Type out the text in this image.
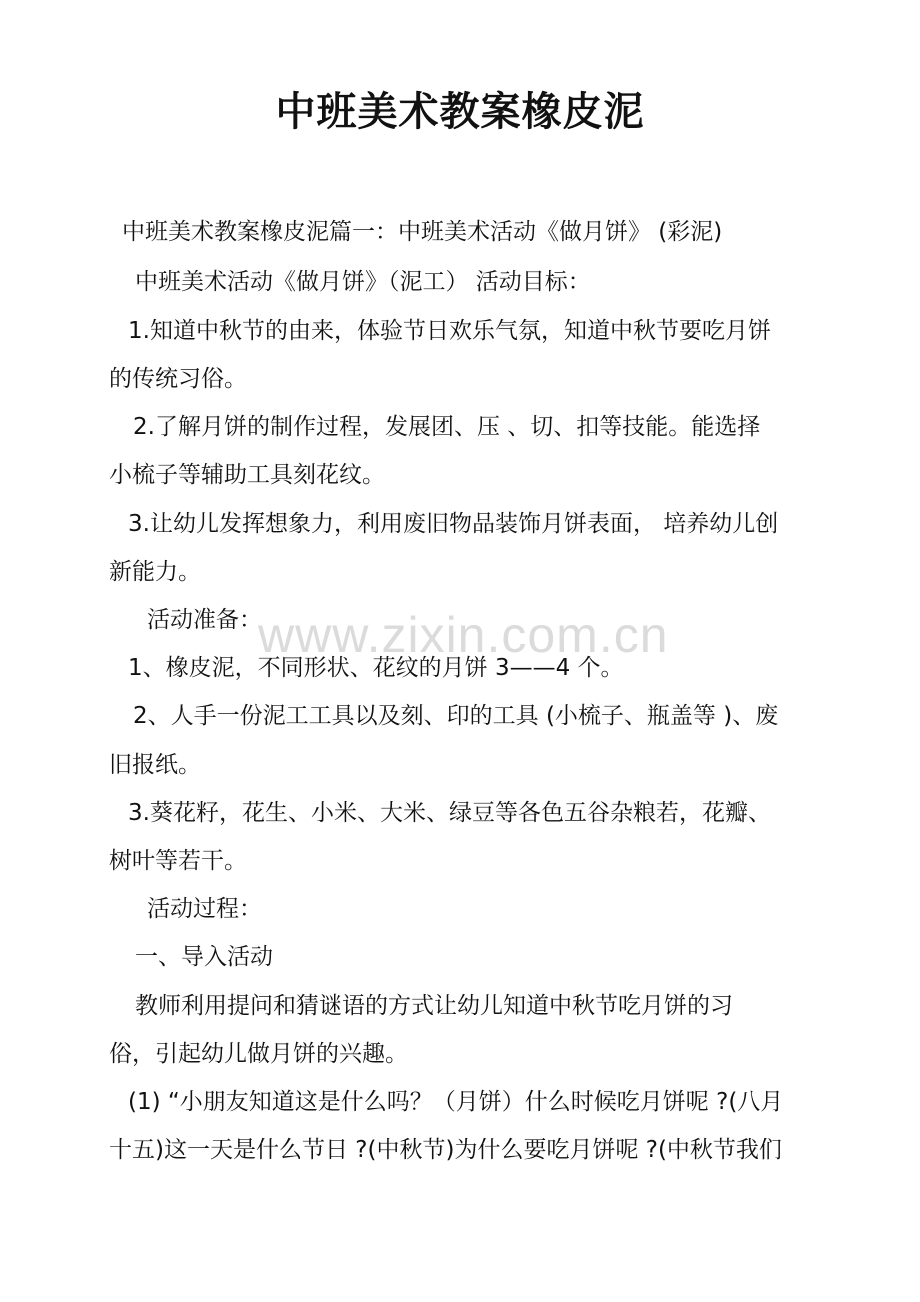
中班美术教案橡皮泥
中班美术教案橡皮泥篇一：中班美术活动《做月饼》 (彩泥)
中班美术活动《做月饼》（泥工） 活动目标：
1.知道中秋节的由来，体验节日欢乐气氛，知道中秋节要吃月饼
的传统习俗。
2.了解月饼的制作过程，发展团、压 、切、扣等技能。能选择
小梳子等辅助工具刻花纹。
3.让幼儿发挥想象力，利用废旧物品装饰月饼表面， 培养幼儿创
新能力。
活动准备：
1、橡皮泥，不同形状、花纹的月饼 3——4 个。
2、人手一份泥工工具以及刻、印的工具 (小梳子、瓶盖等 )、废
旧报纸。
3.葵花籽，花生、小米、大米、绿豆等各色五谷杂粮若，花瓣、
树叶等若干。
活动过程：
一、导入活动
教师利用提问和猜谜语的方式让幼儿知道中秋节吃月饼的习
俗，引起幼儿做月饼的兴趣。
(1) “小朋友知道这是什么吗？（月饼）什么时候吃月饼呢 ?(八月
十五)这一天是什么节日 ?(中秋节)为什么要吃月饼呢 ?(中秋节我们
www.zixin.com.cn
